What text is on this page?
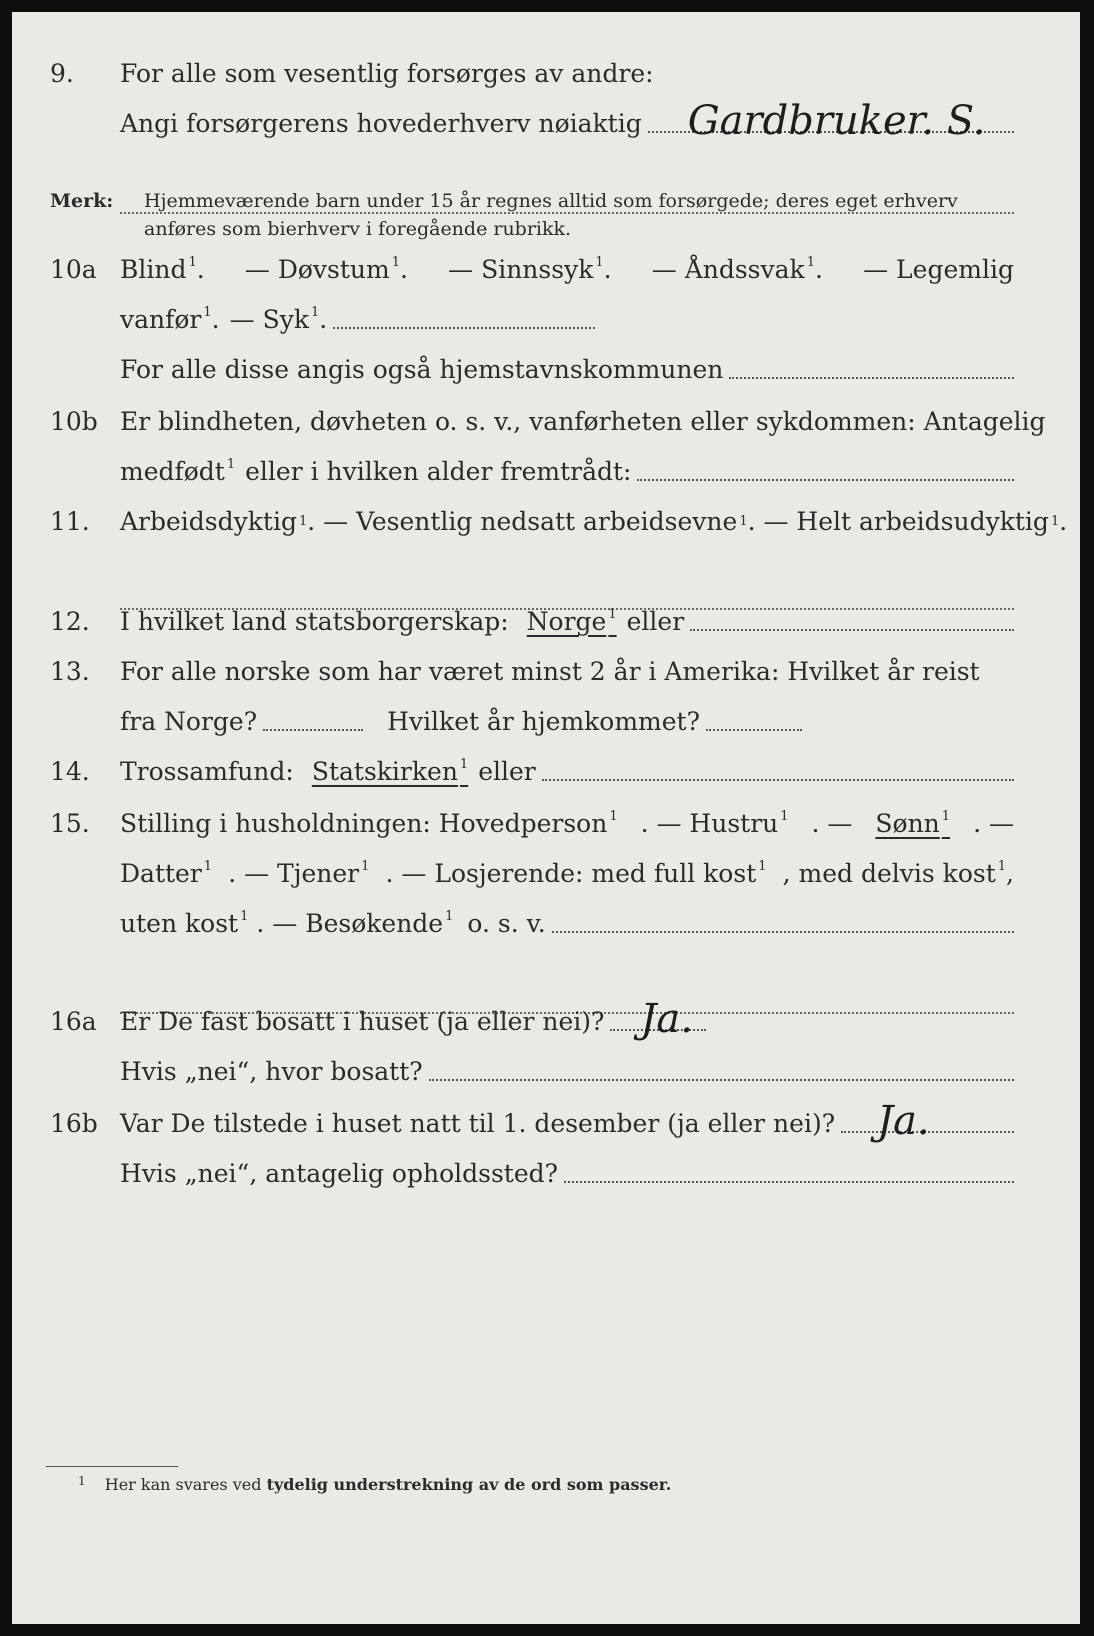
9.	For alle som vesentlig forsørges av andre:
Angi forsørgerens hovederhverv nøiaktig Gardbruker. S.
Merk: Hjemmeværende barn under 15 år regnes alltid som forsørgede; deres eget erhverv
anføres som bierhverv i foregående rubrikk.
10a Blind $^1$. — Døvstum $^1$. — Sinnssyk $^1$. — Åndssvak $^1$. — Legemlig
vanfør $^1$. — Syk $^1$.
For alle disse angis også hjemstavnskommunen
10b Er blindheten, døvheten o. s. v., vanførheten eller sykdommen: Antagelig
medfødt $^1$ eller i hvilken alder fremtrådt:
11.	Arbeidsdyktig 1 . — Vesentlig nedsatt arbeidsevne 1 . — Helt arbeidsudyktig 1 .
12.	I hvilket land statsborgerskap: Norge $^1$ eller
13.	For alle norske som har været minst 2 år i Amerika: Hvilket år reist
fra Norge?	Hvilket år hjemkommet?
14.	Trossamfund: Statskirken $^1$ eller
15.	Stilling i husholdningen: Hovedperson $^1$ . — Hustru $^1$ . — Sønn $^1$ . —
Datter $^1$ . — Tjener $^1$ . — Losjerende: med full kost $^1$ , med delvis kost $^1$,
uten kost $^1$ . — Besøkende $^1$ o. s. v.
16a Er De fast bosatt i huset (ja eller nei)? Ja.
Hvis „nei“, hvor bosatt?
16b Var De tilstede i huset natt til 1. desember (ja eller nei)? Ja.
Hvis „nei“, antagelig opholdssted?
$^1$ Her kan svares ved tydelig understrekning av de ord som passer.
